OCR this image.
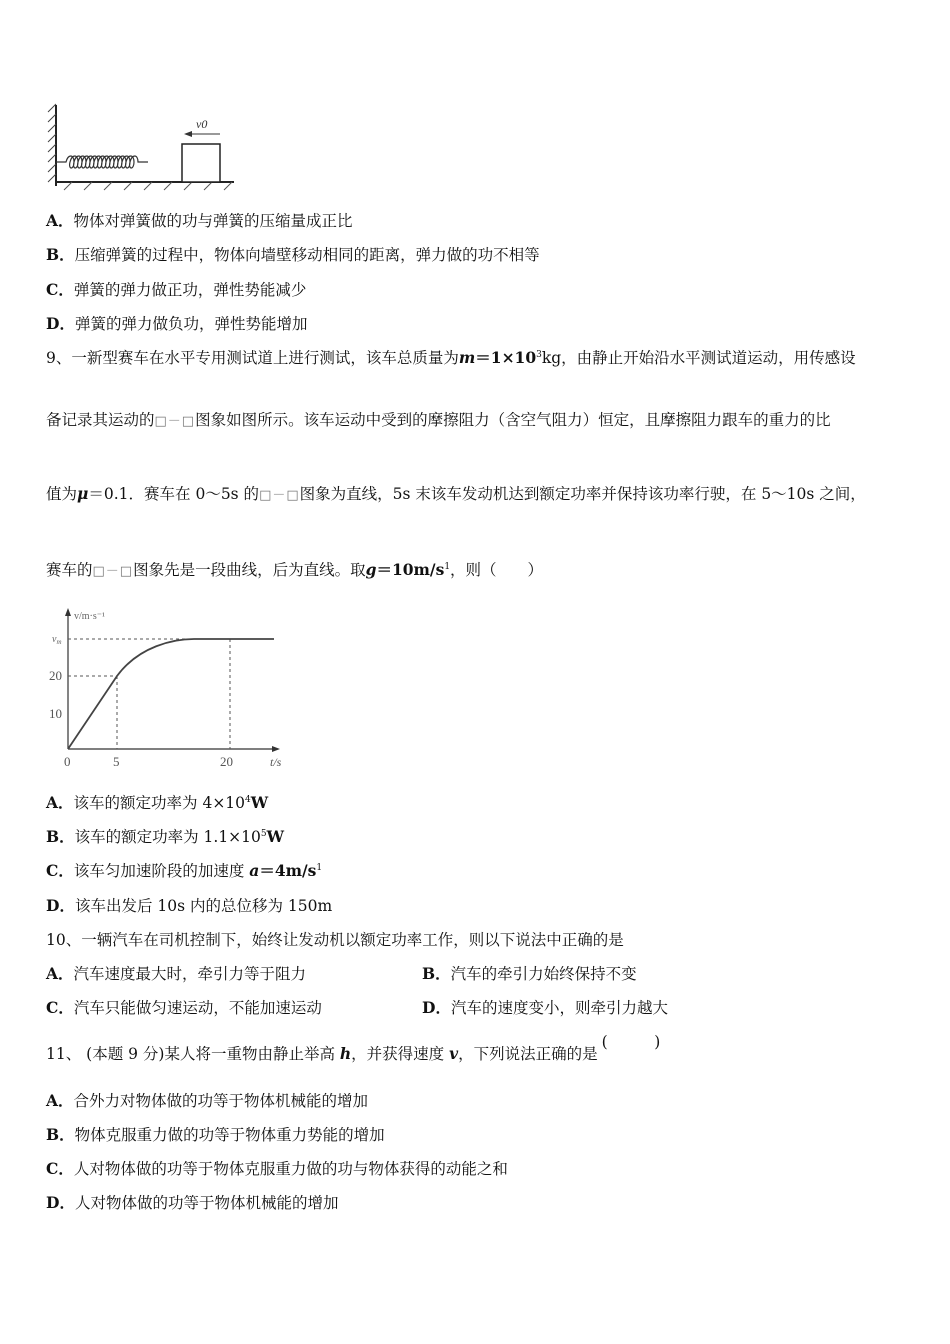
v0
A．物体对弹簧做的功与弹簧的压缩量成正比
B．压缩弹簧的过程中，物体向墙壁移动相同的距离，弹力做的功不相等
C．弹簧的弹力做正功，弹性势能减少
D．弹簧的弹力做负功，弹性势能增加
9、一新型赛车在水平专用测试道上进行测试，该车总质量为$m=1\times 10^3kg$，由静止开始沿水平测试道运动，用传感设
备记录其运动的□－□图象如图所示。该车运动中受到的摩擦阻力（含空气阻力）恒定，且摩擦阻力跟车的重力的比
值为μ＝0.1．赛车在 0～5s 的□－□图象为直线，5s 末该车发动机达到额定功率并保持该功率行驶，在 5～10s 之间，
赛车的□－□图象先是一段曲线，后为直线。取$g=10m/s^1$，则（　　）
v/m·s⁻¹
$v_m$
20
10
0	5	20	t/s
A．该车的额定功率为 $4\times 10^4W$
B．该车的额定功率为 $1.1\times 10^5W$
C．该车匀加速阶段的加速度 $a=4m/s^1$
D．该车出发后 10s 内的总位移为 150m
10、一辆汽车在司机控制下，始终让发动机以额定功率工作，则以下说法中正确的是
A．汽车速度最大时，牵引力等于阻力	B．汽车的牵引力始终保持不变
C．汽车只能做匀速运动，不能加速运动	D．汽车的速度变小，则牵引力越大
11、 (本题 9 分)某人将一重物由静止举高 h，并获得速度 v，下列说法正确的是(　　　)
A．合外力对物体做的功等于物体机械能的增加
B．物体克服重力做的功等于物体重力势能的增加
C．人对物体做的功等于物体克服重力做的功与物体获得的动能之和
D．人对物体做的功等于物体机械能的增加
